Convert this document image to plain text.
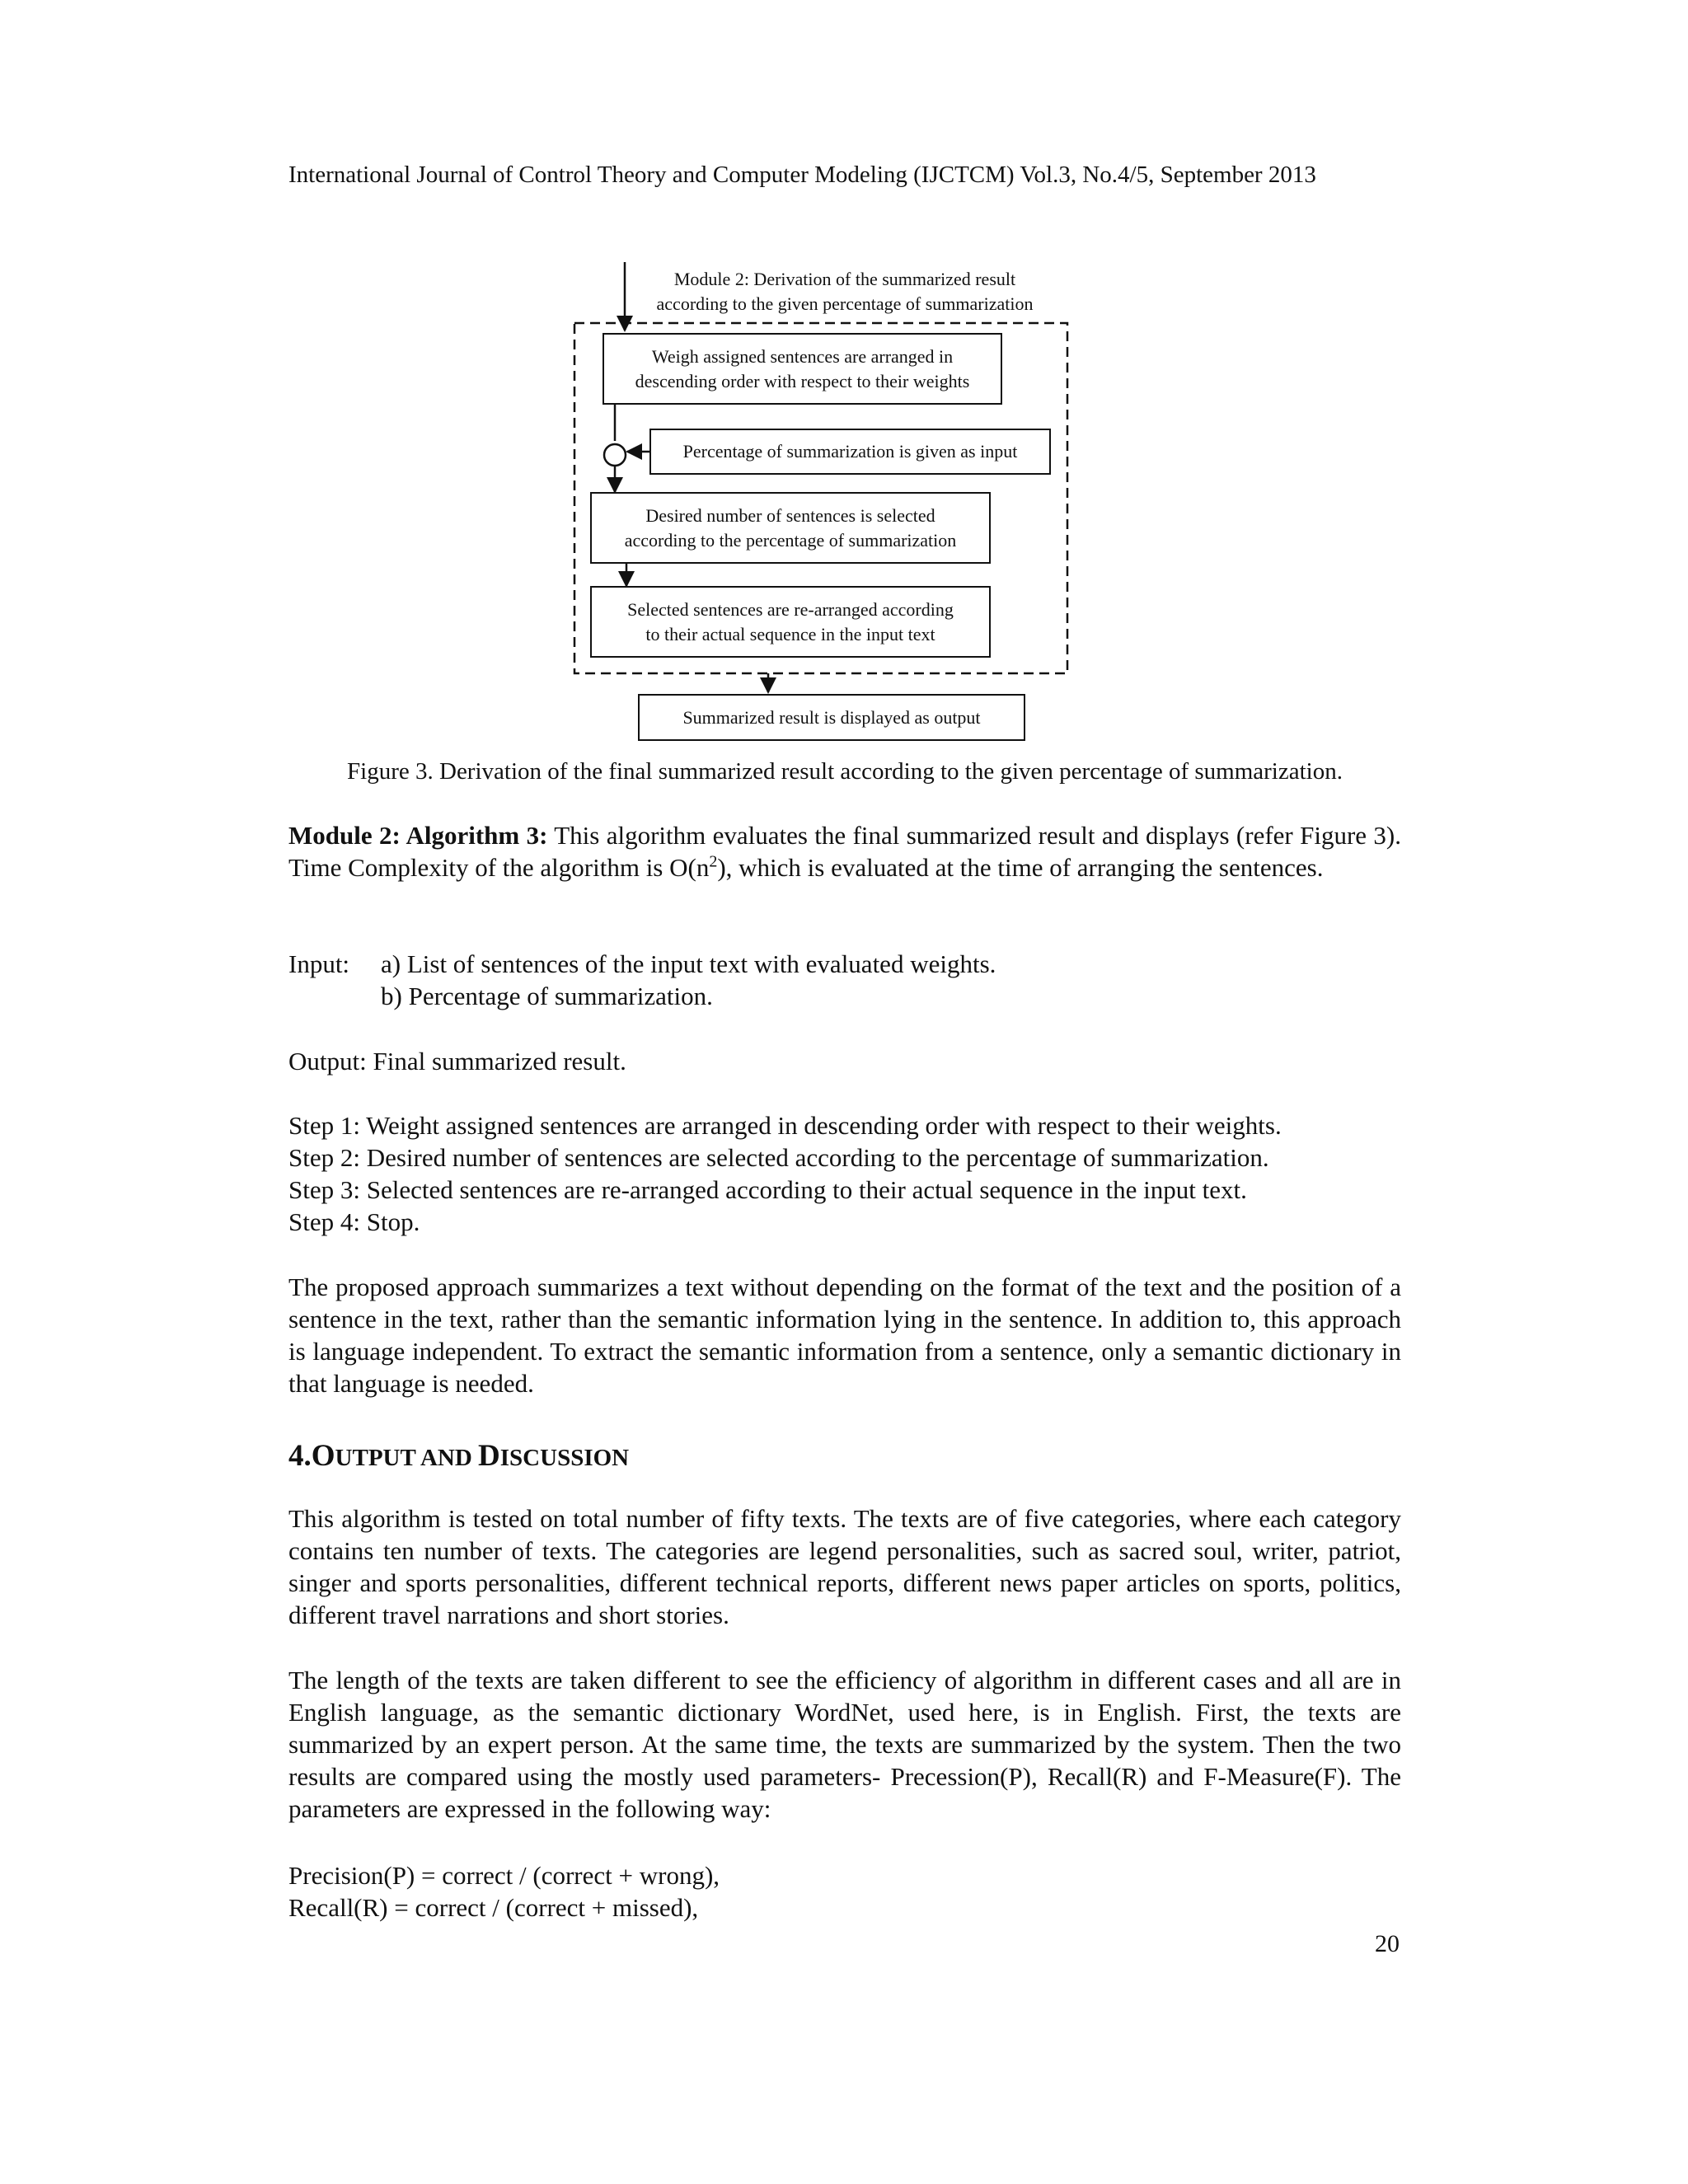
International Journal of Control Theory and Computer Modeling (IJCTCM) Vol.3, No.4/5, September 2013
Module 2: Derivation of the summarized result
according to the given percentage of summarization
Weigh assigned sentences are arranged in
descending order with respect to their weights
Percentage of summarization is given as input
Desired number of sentences is selected
according to the percentage of summarization
Selected sentences are re-arranged according
to their actual sequence in the input text
Summarized result is displayed as output
Figure 3. Derivation of the final summarized result according to the given percentage of summarization.
Module 2: Algorithm 3: This algorithm evaluates the final summarized result and displays (refer Figure 3). Time Complexity of the algorithm is $O(n^2)$, which is evaluated at the time of arranging the sentences.
Input: a) List of sentences of the input text with evaluated weights.
b) Percentage of summarization.
Output: Final summarized result.
Step 1: Weight assigned sentences are arranged in descending order with respect to their weights.
Step 2: Desired number of sentences are selected according to the percentage of summarization.
Step 3: Selected sentences are re-arranged according to their actual sequence in the input text.
Step 4: Stop.
The proposed approach summarizes a text without depending on the format of the text and the position of a sentence in the text, rather than the semantic information lying in the sentence. In addition to, this approach is language independent. To extract the semantic information from a sentence, only a semantic dictionary in that language is needed.
4.OUTPUT AND DISCUSSION
This algorithm is tested on total number of fifty texts. The texts are of five categories, where each category contains ten number of texts. The categories are legend personalities, such as sacred soul, writer, patriot, singer and sports personalities, different technical reports, different news paper articles on sports, politics, different travel narrations and short stories.
The length of the texts are taken different to see the efficiency of algorithm in different cases and all are in English language, as the semantic dictionary WordNet, used here, is in English. First, the texts are summarized by an expert person. At the same time, the texts are summarized by the system. Then the two results are compared using the mostly used parameters- Precession(P), Recall(R) and F-Measure(F). The parameters are expressed in the following way:
Precision(P) = correct / (correct + wrong),
Recall(R) = correct / (correct + missed),
20
